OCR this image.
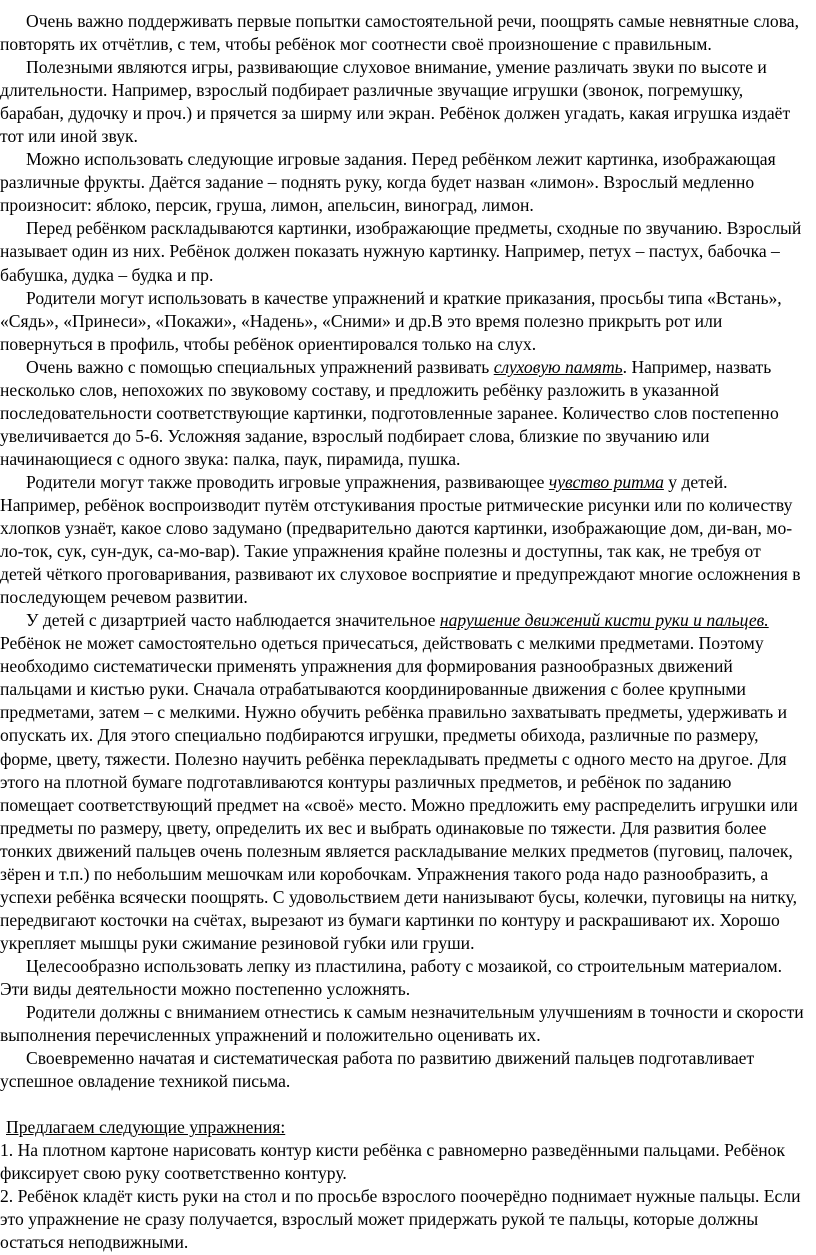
Очень важно поддерживать первые попытки самостоятельной речи, поощрять самые невнятные слова, повторять их отчётлив, с тем, чтобы ребёнок мог соотнести своё произношение с правильным.

Полезными являются игры, развивающие слуховое внимание, умение различать звуки по высоте и длительности. Например, взрослый подбирает различные звучащие игрушки (звонок, погремушку, барабан, дудочку и проч.) и прячется за ширму или экран. Ребёнок должен угадать, какая игрушка издаёт тот или иной звук.

Можно использовать следующие игровые задания. Перед ребёнком лежит картинка, изображающая различные фрукты. Даётся задание – поднять руку, когда будет назван «лимон». Взрослый медленно произносит: яблоко, персик, груша, лимон, апельсин, виноград, лимон.

Перед ребёнком раскладываются картинки, изображающие предметы, сходные по звучанию. Взрослый называет один из них. Ребёнок должен показать нужную картинку. Например, петух – пастух, бабочка – бабушка, дудка – будка и пр.

Родители могут использовать в качестве упражнений и краткие приказания, просьбы типа «Встань», «Сядь», «Принеси», «Покажи», «Надень», «Сними» и др.В это время полезно прикрыть рот или повернуться в профиль, чтобы ребёнок ориентировался только на слух.

Очень важно с помощью специальных упражнений развивать слуховую память. Например, назвать несколько слов, непохожих по звуковому составу, и предложить ребёнку разложить в указанной последовательности соответствующие картинки, подготовленные заранее. Количество слов постепенно увеличивается до 5-6. Усложняя задание, взрослый подбирает слова, близкие по звучанию или начинающиеся с одного звука: палка, паук, пирамида, пушка.

Родители могут также проводить игровые упражнения, развивающее чувство ритма у детей. Например, ребёнок воспроизводит путём отстукивания простые ритмические рисунки или по количеству хлопков узнаёт, какое слово задумано (предварительно даются картинки, изображающие дом, ди-ван, мо-ло-ток, сук, сун-дук, са-мо-вар). Такие упражнения крайне полезны и доступны, так как, не требуя от детей чёткого проговаривания, развивают их слуховое восприятие и предупреждают многие осложнения в последующем речевом развитии.

У детей с дизартрией часто наблюдается значительное нарушение движений кисти руки и пальцев. Ребёнок не может самостоятельно одеться причесаться, действовать с мелкими предметами. Поэтому необходимо систематически применять упражнения для формирования разнообразных движений пальцами и кистью руки. Сначала отрабатываются координированные движения с более крупными предметами, затем – с мелкими. Нужно обучить ребёнка правильно захватывать предметы, удерживать и опускать их. Для этого специально подбираются игрушки, предметы обихода, различные по размеру, форме, цвету, тяжести. Полезно научить ребёнка перекладывать предметы с одного место на другое. Для этого на плотной бумаге подготавливаются контуры различных предметов, и ребёнок по заданию помещает соответствующий предмет на «своё» место. Можно предложить ему распределить игрушки или предметы по размеру, цвету, определить их вес и выбрать одинаковые по тяжести. Для развития более тонких движений пальцев очень полезным является раскладывание мелких предметов (пуговиц, палочек, зёрен и т.п.) по небольшим мешочкам или коробочкам. Упражнения такого рода надо разнообразить, а успехи ребёнка всячески поощрять. С удовольствием дети нанизывают бусы, колечки, пуговицы на нитку, передвигают косточки на счётах, вырезают из бумаги картинки по контуру и раскрашивают их. Хорошо укрепляет мышцы руки сжимание резиновой губки или груши.

Целесообразно использовать лепку из пластилина, работу с мозаикой, со строительным материалом. Эти виды деятельности можно постепенно усложнять.

Родители должны с вниманием отнестись к самым незначительным улучшениям в точности и скорости выполнения перечисленных упражнений и положительно оценивать их.

Своевременно начатая и систематическая работа по развитию движений пальцев подготавливает успешное овладение техникой письма.

Предлагаем следующие упражнения:

1. На плотном картоне нарисовать контур кисти ребёнка с равномерно разведёнными пальцами. Ребёнок фиксирует свою руку соответственно контуру.

2. Ребёнок кладёт кисть руки на стол и по просьбе взрослого поочерёдно поднимает нужные пальцы. Если это упражнение не сразу получается, взрослый может придержать рукой те пальцы, которые должны остаться неподвижными.
